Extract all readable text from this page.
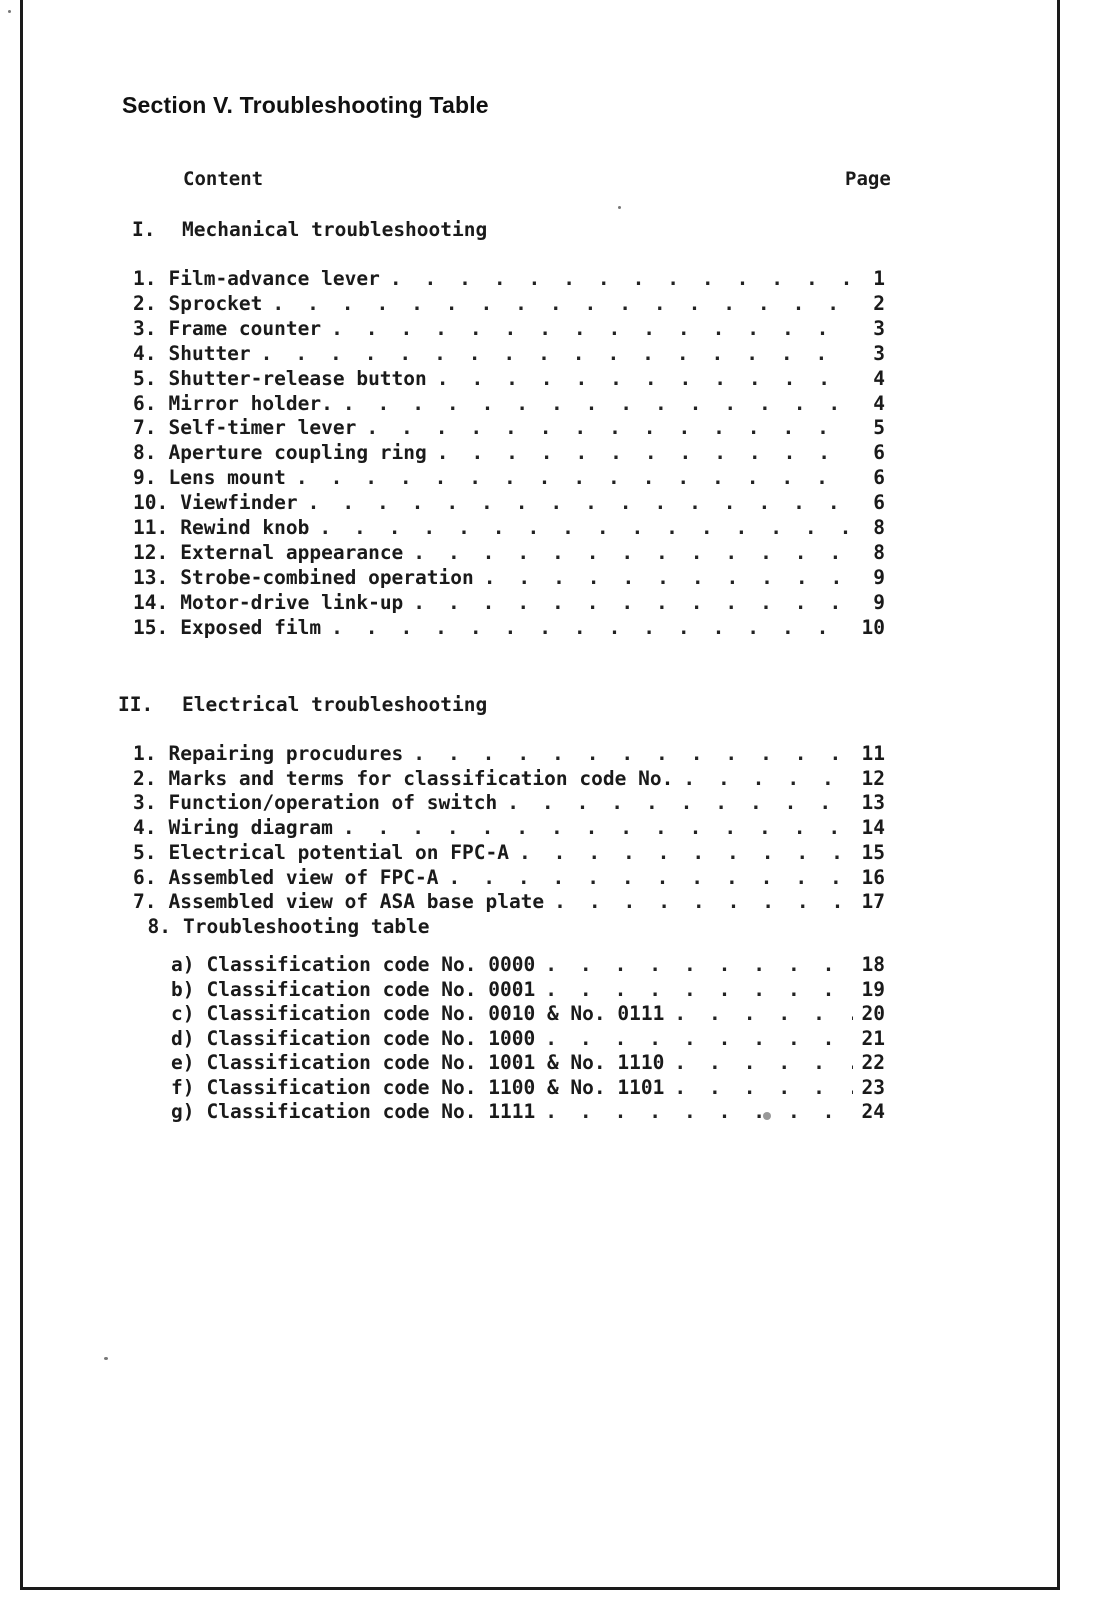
Section V. Troubleshooting Table
Content	Page
I. Mechanical troubleshooting
1. Film-advance lever . . .	1
2. Sprocket . . .	2
3. Frame counter . . .	3
4. Shutter . . .	3
5. Shutter-release button . . .	4
6. Mirror holder. . . .	4
7. Self-timer lever . . .	5
8. Aperture coupling ring . . .	6
9. Lens mount . . .	6
10. Viewfinder . . .	6
11. Rewind knob . . .	8
12. External appearance . . .	8
13. Strobe-combined operation . . .	9
14. Motor-drive link-up . . .	9
15. Exposed film . . .	10
II. Electrical troubleshooting
1. Repairing procudures . . .	11
2. Marks and terms for classification code No. . . .	12
3. Function/operation of switch . . .	13
4. Wiring diagram . . .	14
5. Electrical potential on FPC-A . . .	15
6. Assembled view of FPC-A . . .	16
7. Assembled view of ASA base plate . . .	17
8. Troubleshooting table
a) Classification code No. 0000 . . .	18
b) Classification code No. 0001 . . .	19
c) Classification code No. 0010 & No. 0111 . . .	20
d) Classification code No. 1000 . . .	21
e) Classification code No. 1001 & No. 1110 . . .	22
f) Classification code No. 1100 & No. 1101 . . .	23
g) Classification code No. 1111 . . .	24
